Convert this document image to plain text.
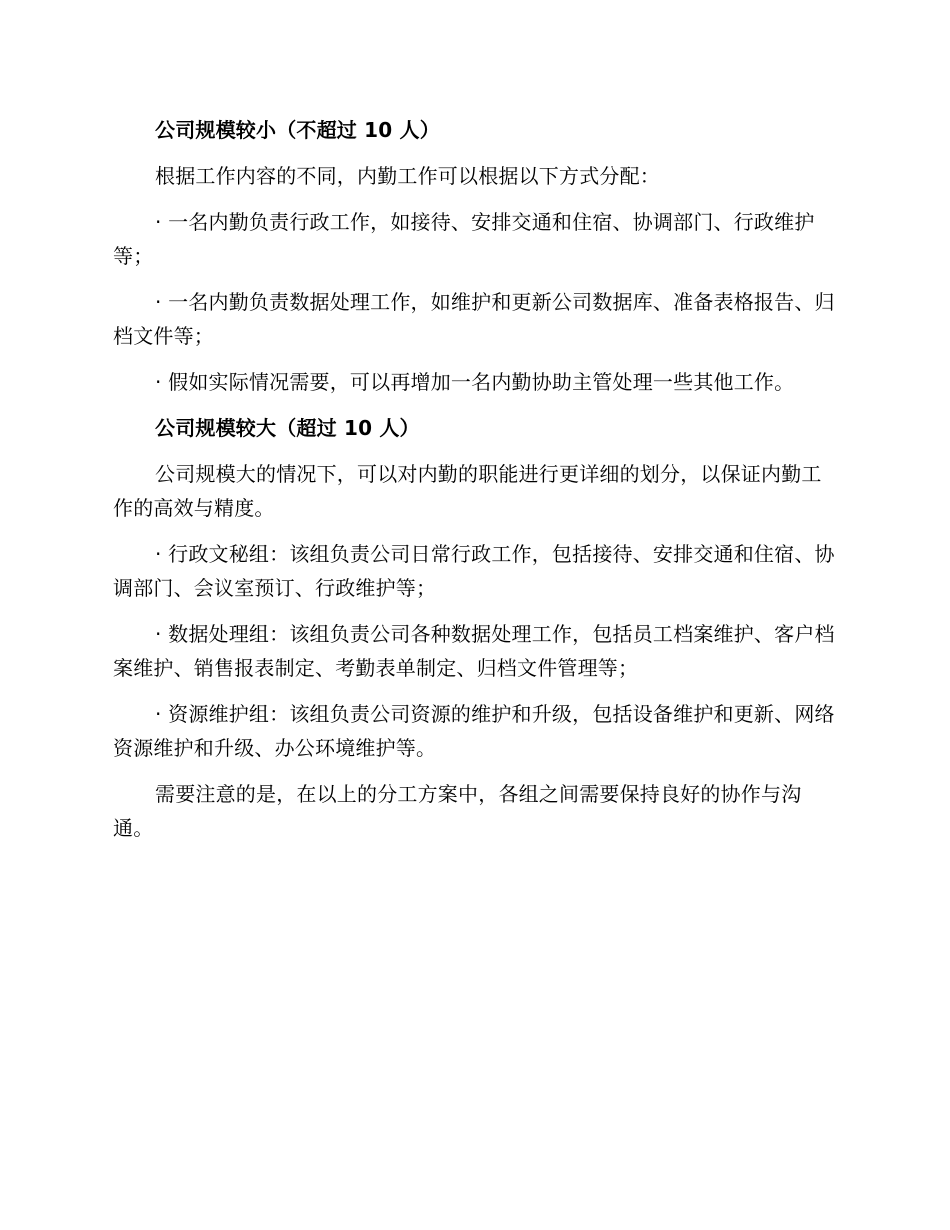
公司规模较小（不超过 10 人）

根据工作内容的不同，内勤工作可以根据以下方式分配：

· 一名内勤负责行政工作，如接待、安排交通和住宿、协调部门、行政维护等；

· 一名内勤负责数据处理工作，如维护和更新公司数据库、准备表格报告、归档文件等；

· 假如实际情况需要，可以再增加一名内勤协助主管处理一些其他工作。

公司规模较大（超过 10 人）

公司规模大的情况下，可以对内勤的职能进行更详细的划分，以保证内勤工作的高效与精度。

· 行政文秘组：该组负责公司日常行政工作，包括接待、安排交通和住宿、协调部门、会议室预订、行政维护等；

· 数据处理组：该组负责公司各种数据处理工作，包括员工档案维护、客户档案维护、销售报表制定、考勤表单制定、归档文件管理等；

· 资源维护组：该组负责公司资源的维护和升级，包括设备维护和更新、网络资源维护和升级、办公环境维护等。

需要注意的是，在以上的分工方案中，各组之间需要保持良好的协作与沟通。
